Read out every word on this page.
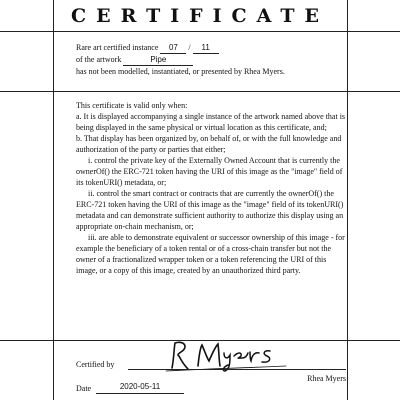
CERTIFICATE
Rare art certified instance 07 / 11
of the artwork	Pipe
has not been modelled, instantiated, or presented by Rhea Myers.

This certificate is valid only when:

a. It is displayed accompanying a single instance of the artwork named above that is being displayed in the same physical or virtual location as this certificate, and;

b. That display has been organized by, on behalf of, or with the full knowledge and authorization of the party or parties that either;

i. control the private key of the Externally Owned Account that is currently the ownerOf() the ERC-721 token having the URI of this image as the "image" field of its tokenURI() metadata, or;

ii. control the smart contract or contracts that are currently the ownerOf() the ERC-721 token having the URI of this image as the "image" field of its tokenURI() metadata and can demonstrate sufficient authority to authorize this display using an appropriate on-chain mechanism, or;

iii. are able to demonstrate equivalent or successor ownership of this image - for example the beneficiary of a token rental or of a cross-chain transfer but not the owner of a fractionalized wrapper token or a token referencing the URI of this image, or a copy of this image, created by an unauthorized third party.

Certified by
Rhea Myers
Date	2020-05-11
